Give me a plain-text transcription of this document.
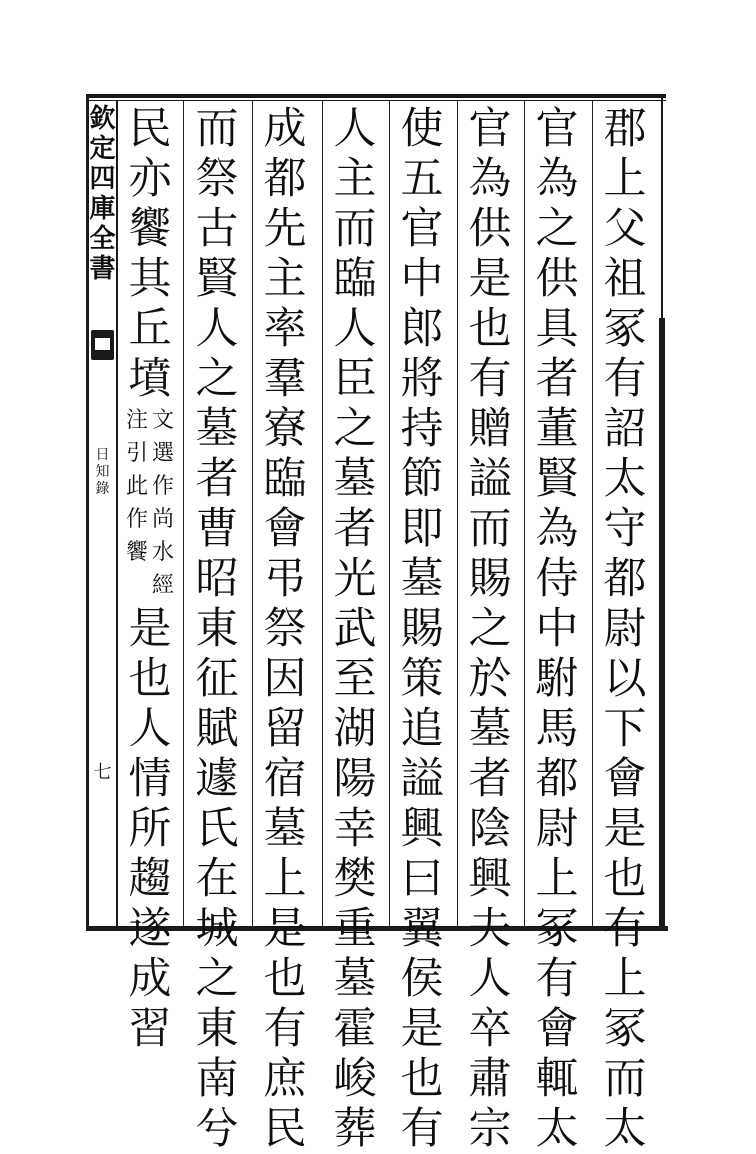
欽定四庫全書
日知錄
七
郡上父祖冢有詔太守都尉以下會是也有上冢而太
官為之供具者董賢為侍中駙馬都尉上冢有會輒太
官為供是也有贈謚而賜之於墓者陰興夫人卒肅宗
使五官中郎將持節即墓賜策追謚興曰翼侯是也有
人主而臨人臣之墓者光武至湖陽幸樊重墓霍峻葬
成都先主率羣寮臨會弔祭因留宿墓上是也有庶民
而祭古賢人之墓者曹昭東征賦遽氏在城之東南兮
民亦饗其丘墳
文選作尚水經
注引此作饗
是也人情所趨遂成習
